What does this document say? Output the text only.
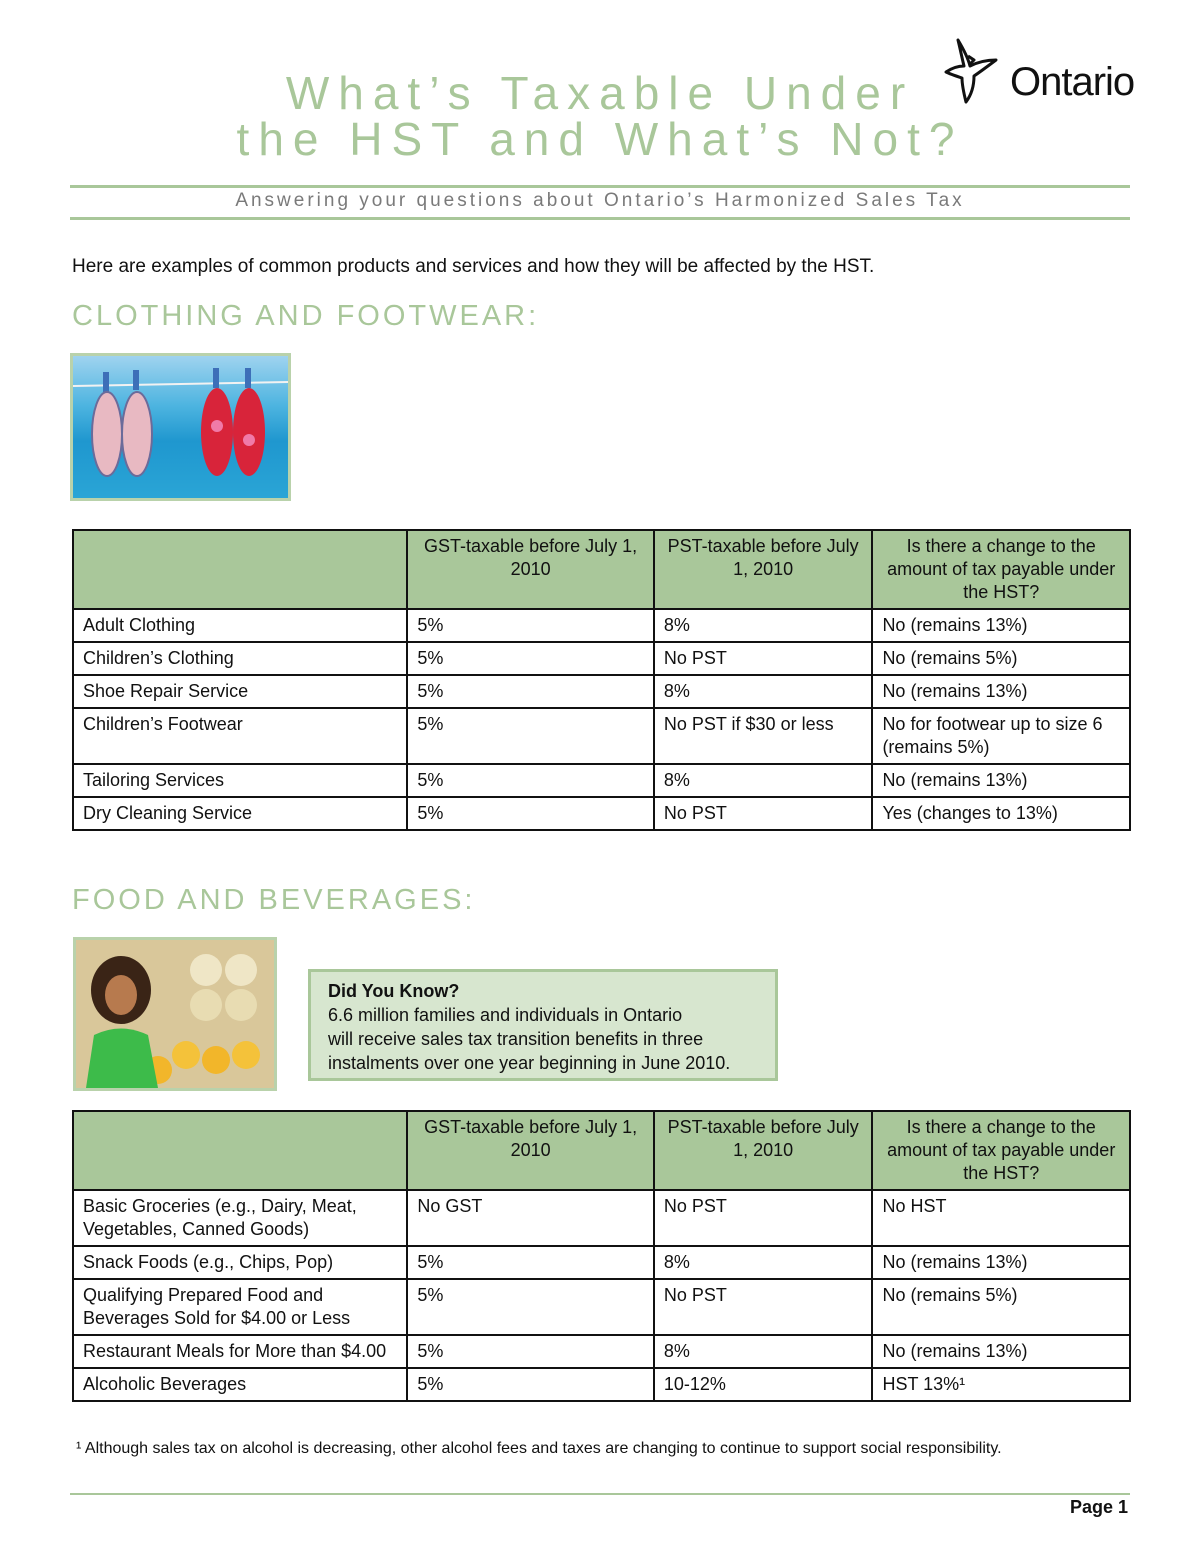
What’s Taxable Under
the HST and What’s Not?
Ontario
Answering your questions about Ontario’s Harmonized Sales Tax
Here are examples of common products and services and how they will be affected by the HST.
CLOTHING AND FOOTWEAR:
	GST-taxable before July 1, 2010	PST-taxable before July 1, 2010	Is there a change to the amount of tax payable under the HST?
Adult Clothing	5%	8%	No (remains 13%)
Children’s Clothing	5%	No PST	No (remains 5%)
Shoe Repair Service	5%	8%	No (remains 13%)
Children’s Footwear	5%	No PST if $30 or less	No for footwear up to size 6 (remains 5%)
Tailoring Services	5%	8%	No (remains 13%)
Dry Cleaning Service	5%	No PST	Yes (changes to 13%)
FOOD AND BEVERAGES:
Did You Know?
6.6 million families and individuals in Ontario
will receive sales tax transition benefits in three
instalments over one year beginning in June 2010.
	GST-taxable before July 1, 2010	PST-taxable before July 1, 2010	Is there a change to the amount of tax payable under the HST?
Basic Groceries (e.g., Dairy, Meat, Vegetables, Canned Goods)	No GST	No PST	No HST
Snack Foods (e.g., Chips, Pop)	5%	8%	No (remains 13%)
Qualifying Prepared Food and Beverages Sold for $4.00 or Less	5%	No PST	No (remains 5%)
Restaurant Meals for More than $4.00	5%	8%	No (remains 13%)
Alcoholic Beverages	5%	10-12%	HST 13%¹
¹ Although sales tax on alcohol is decreasing, other alcohol fees and taxes are changing to continue to support social responsibility.
Page 1
